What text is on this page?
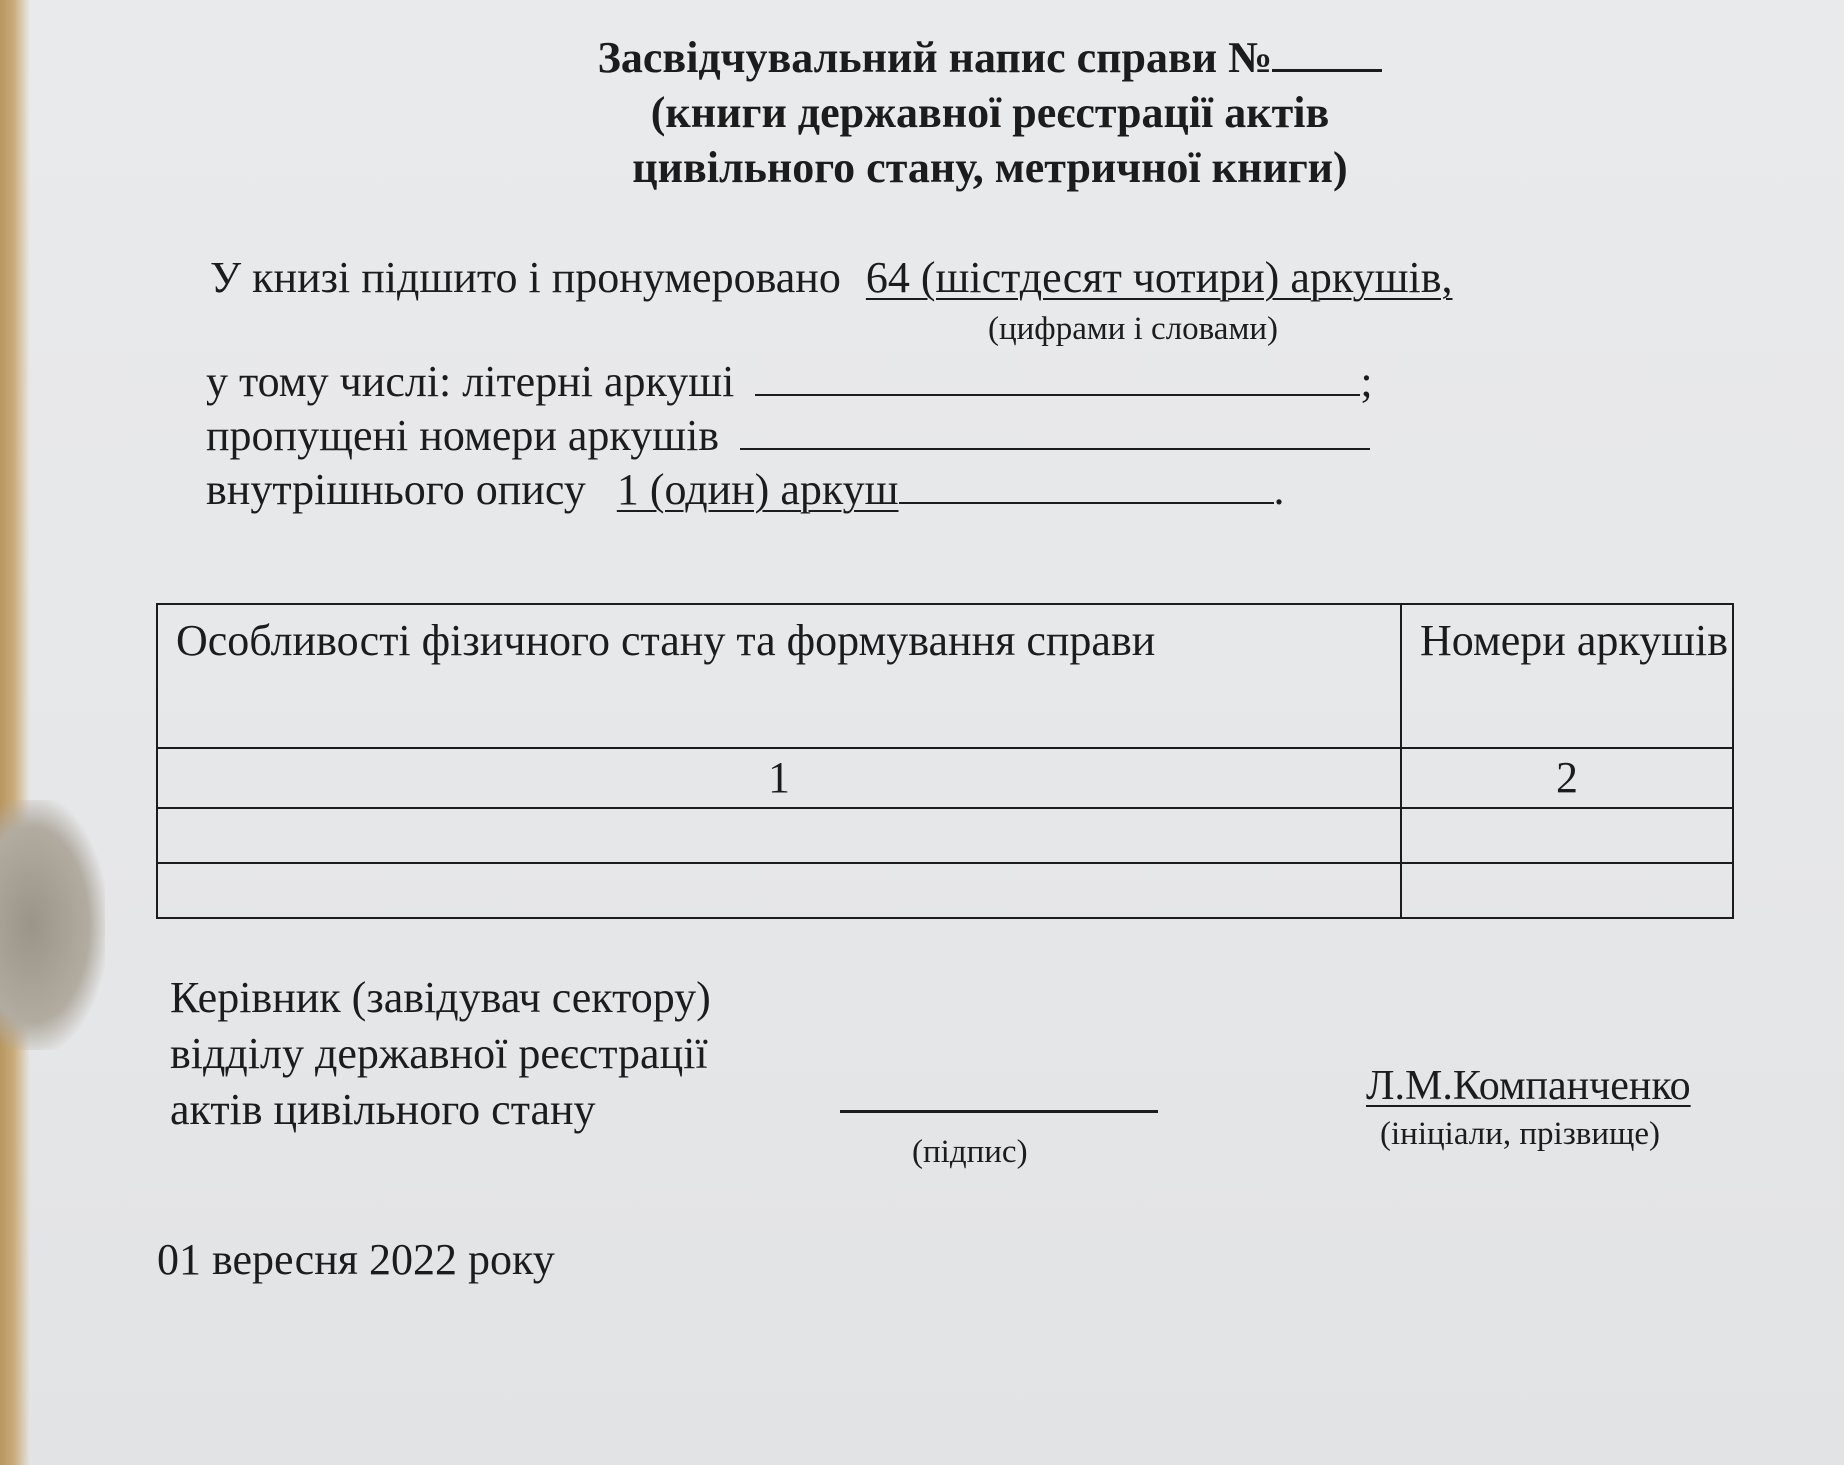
Засвідчувальний напис справи №
(книги державної реєстрації актів
цивільного стану, метричної книги)
У книзі підшито і пронумеровано 64 (шістдесят чотири) аркушів,
(цифрами і словами)
у тому числі: літерні аркуші	;
пропущені номери аркушів
внутрішнього опису 1 (один) аркуш	.
Особливості фізичного стану та формування справи	Номери аркушів
1	2

Керівник (завідувач сектору)
відділу державної реєстрації
актів цивільного стану
(підпис)
Л.М.Компанченко
(ініціали, прізвище)
01 вересня 2022 року
